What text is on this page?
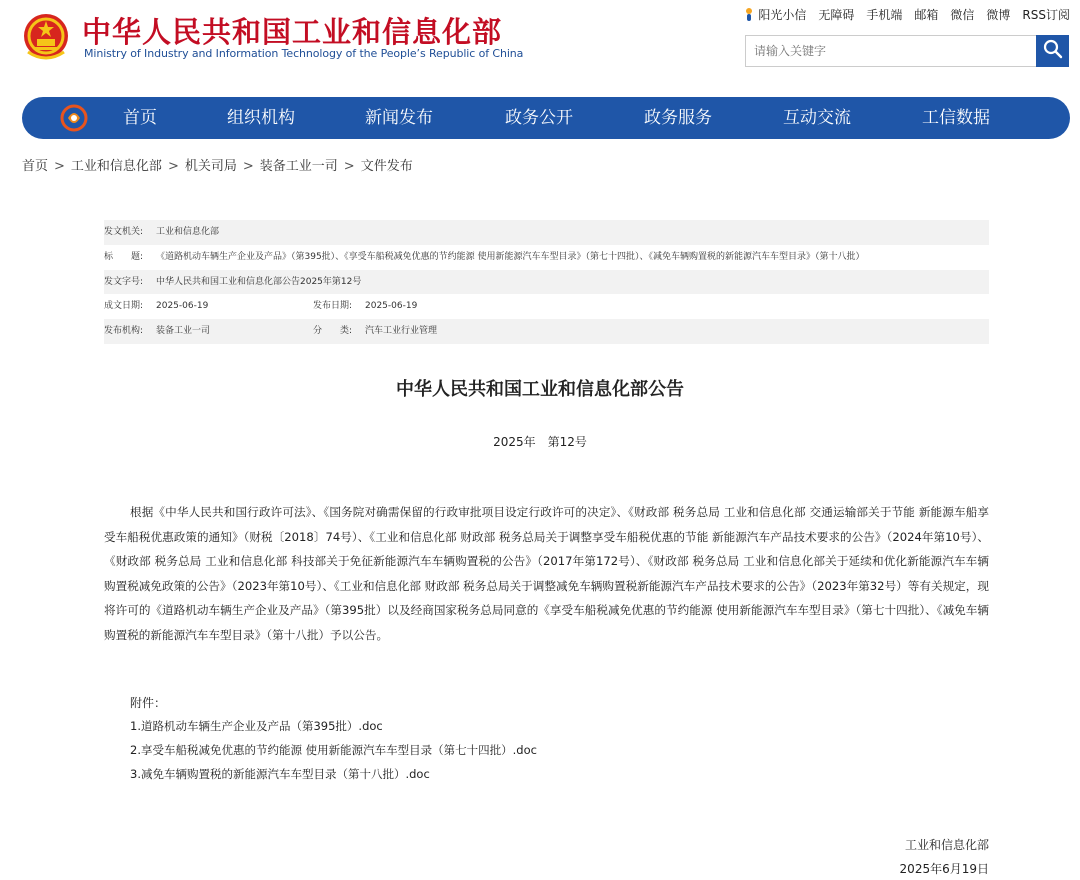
中华人民共和国工业和信息化部
Ministry of Industry and Information Technology of the People’s Republic of China
阳光小信 无障碍 手机端 邮箱 微信 微博 RSS订阅
请输入关键字
首页	组织机构	新闻发布	政务公开	政务服务	互动交流	工信数据
首页 > 工业和信息化部 > 机关司局 > 装备工业一司 > 文件发布
发文机关: 工业和信息化部
标　　题: 《道路机动车辆生产企业及产品》（第395批）、《享受车船税减免优惠的节约能源 使用新能源汽车车型目录》（第七十四批）、《减免车辆购置税的新能源汽车车型目录》（第十八批）
发文字号: 中华人民共和国工业和信息化部公告2025年第12号
成文日期: 2025-06-19	发布日期: 2025-06-19
发布机构: 装备工业一司	分　　类: 汽车工业行业管理
中华人民共和国工业和信息化部公告
2025年　第12号
根据《中华人民共和国行政许可法》、《国务院对确需保留的行政审批项目设定行政许可的决定》、《财政部 税务总局 工业和信息化部 交通运输部关于节能 新能源车船享受车船税优惠政策的通知》（财税〔2018〕74号）、《工业和信息化部 财政部 税务总局关于调整享受车船税优惠的节能 新能源汽车产品技术要求的公告》（2024年第10号）、《财政部 税务总局 工业和信息化部 科技部关于免征新能源汽车车辆购置税的公告》（2017年第172号）、《财政部 税务总局 工业和信息化部关于延续和优化新能源汽车车辆购置税减免政策的公告》（2023年第10号）、《工业和信息化部 财政部 税务总局关于调整减免车辆购置税新能源汽车产品技术要求的公告》（2023年第32号）等有关规定，现将许可的《道路机动车辆生产企业及产品》（第395批）以及经商国家税务总局同意的《享受车船税减免优惠的节约能源 使用新能源汽车车型目录》（第七十四批）、《减免车辆购置税的新能源汽车车型目录》（第十八批）予以公告。
附件：
1.道路机动车辆生产企业及产品（第395批）.doc
2.享受车船税减免优惠的节约能源 使用新能源汽车车型目录（第七十四批）.doc
3.减免车辆购置税的新能源汽车车型目录（第十八批）.doc
工业和信息化部
2025年6月19日
